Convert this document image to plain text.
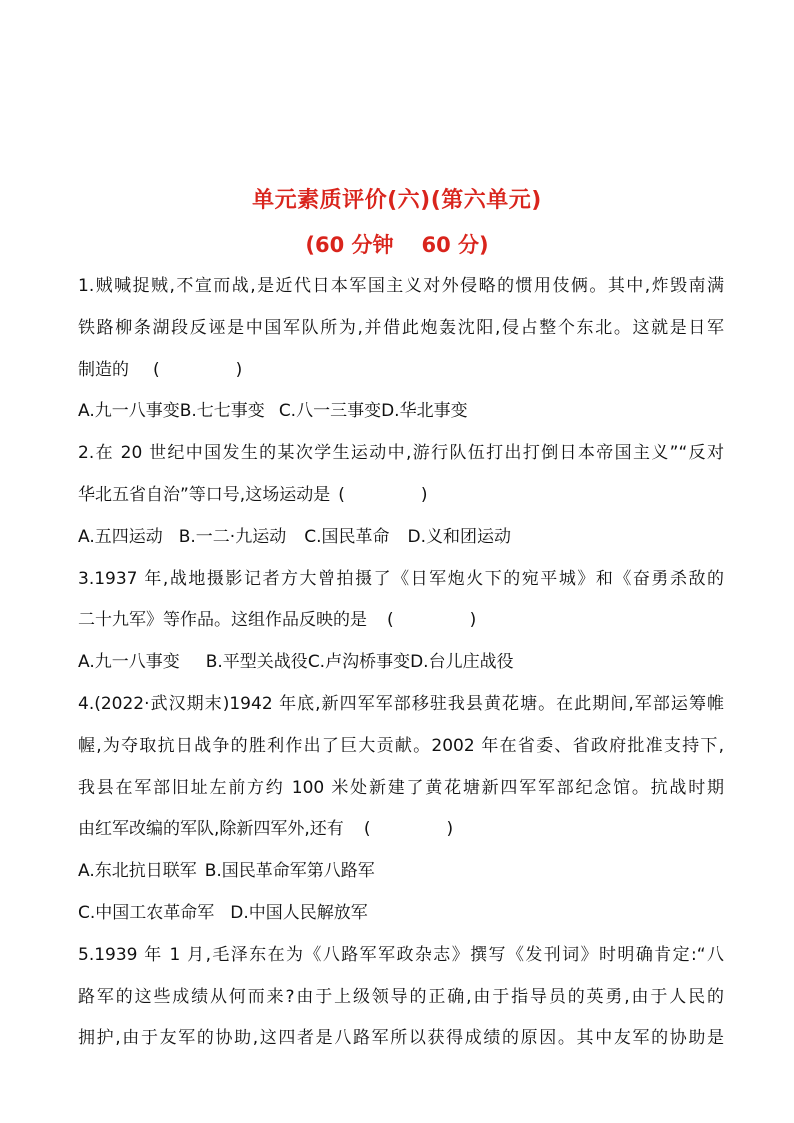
单元素质评价(六)(第六单元)
(60 分钟 60 分)
1.贼喊捉贼,不宣而战,是近代日本军国主义对外侵略的惯用伎俩。其中,炸毁南满
铁路柳条湖段反诬是中国军队所为,并借此炮轰沈阳,侵占整个东北。这就是日军
制造的 (　　)
A.九一八事变B.七七事变 C.八一三事变D.华北事变
2.在 20 世纪中国发生的某次学生运动中,游行队伍打出打倒日本帝国主义”“反对
华北五省自治”等口号,这场运动是 (　　)
A.五四运动 B.一二·九运动 C.国民革命 D.义和团运动
3.1937 年,战地摄影记者方大曾拍摄了《日军炮火下的宛平城》和《奋勇杀敌的
二十九军》等作品。这组作品反映的是 (　　)
A.九一八事变 B.平型关战役C.卢沟桥事变D.台儿庄战役
4.(2022·武汉期末)1942 年底,新四军军部移驻我县黄花塘。在此期间,军部运筹帷
幄,为夺取抗日战争的胜利作出了巨大贡献。2002 年在省委、省政府批准支持下,
我县在军部旧址左前方约 100 米处新建了黄花塘新四军军部纪念馆。抗战时期
由红军改编的军队,除新四军外,还有 (　　)
A.东北抗日联军 B.国民革命军第八路军
C.中国工农革命军 D.中国人民解放军
5.1939 年 1 月,毛泽东在为《八路军军政杂志》撰写《发刊词》时明确肯定:“八
路军的这些成绩从何而来?由于上级领导的正确,由于指导员的英勇,由于人民的
拥护,由于友军的协助,这四者是八路军所以获得成绩的原因。其中友军的协助是
